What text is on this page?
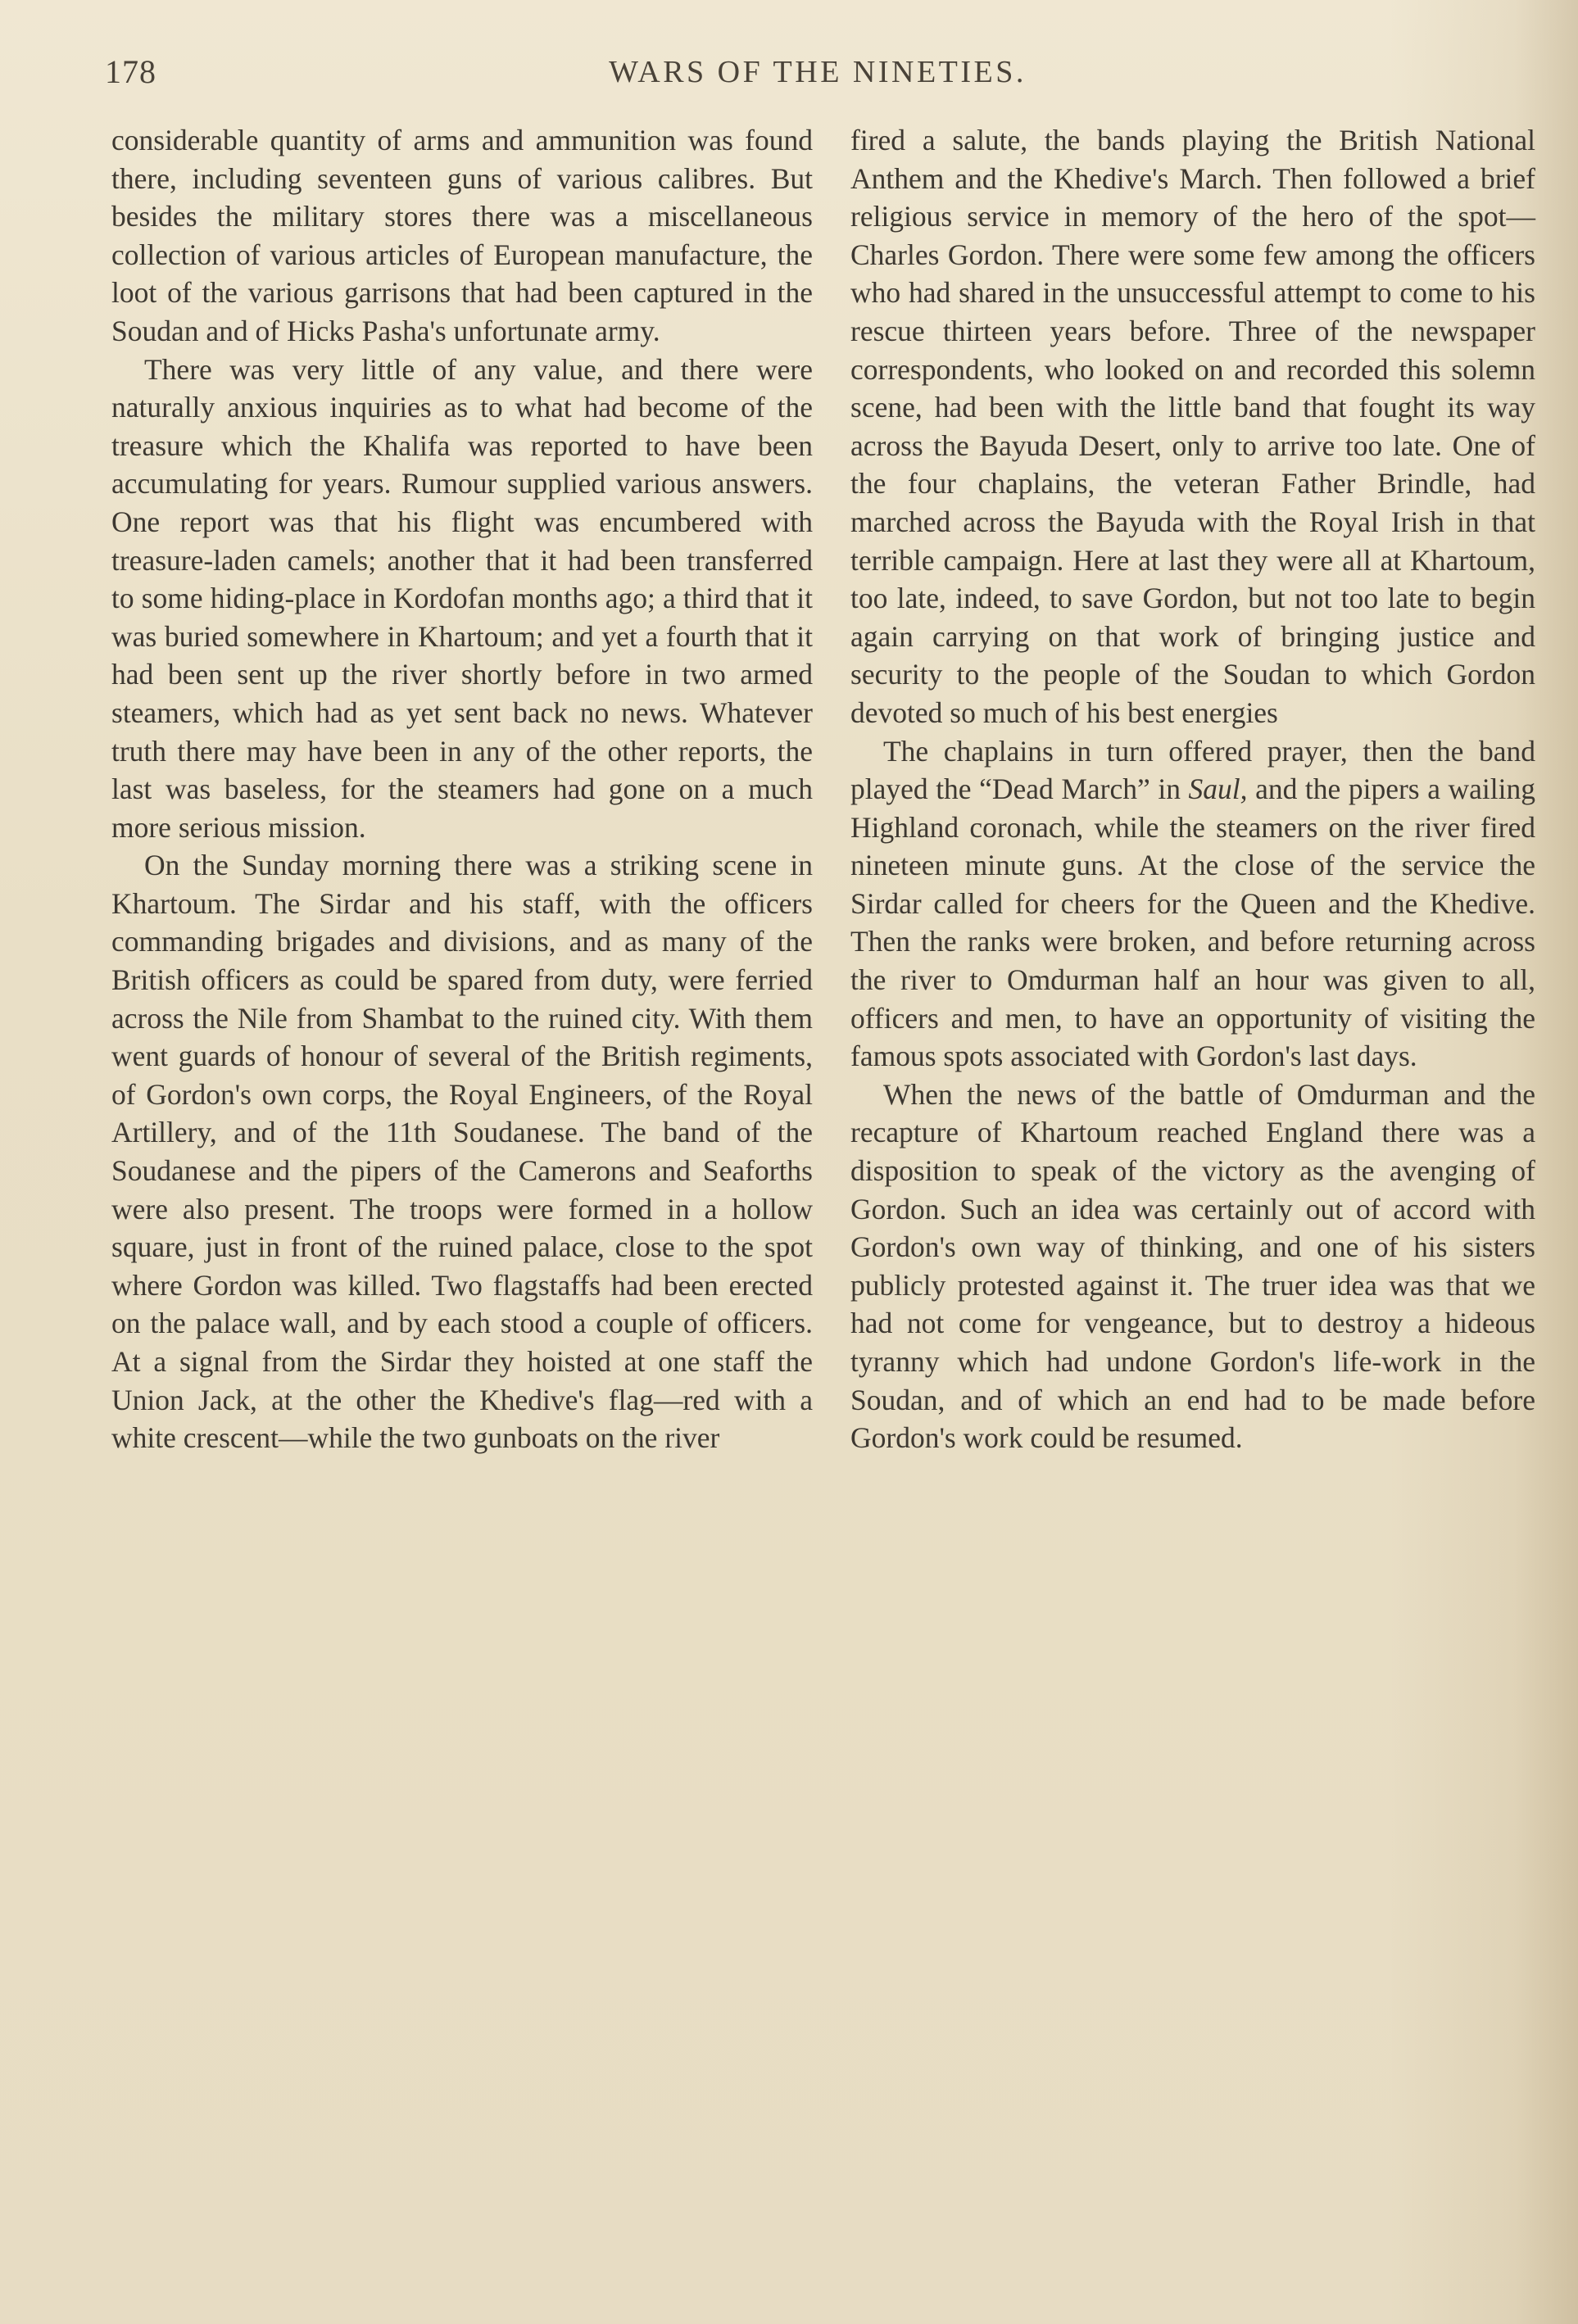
178	WARS OF THE NINETIES.

considerable quantity of arms and ammunition was found there, including seventeen guns of various calibres. But besides the military stores there was a miscellaneous collection of various articles of European manufacture, the loot of the various garrisons that had been captured in the Soudan and of Hicks Pasha's unfortunate army.

There was very little of any value, and there were naturally anxious inquiries as to what had become of the treasure which the Khalifa was reported to have been accumulating for years. Rumour supplied various answers. One report was that his flight was encumbered with treasure-laden camels; another that it had been transferred to some hiding-place in Kordofan months ago; a third that it was buried somewhere in Khartoum; and yet a fourth that it had been sent up the river shortly before in two armed steamers, which had as yet sent back no news. Whatever truth there may have been in any of the other reports, the last was baseless, for the steamers had gone on a much more serious mission.

On the Sunday morning there was a striking scene in Khartoum. The Sirdar and his staff, with the officers commanding brigades and divisions, and as many of the British officers as could be spared from duty, were ferried across the Nile from Shambat to the ruined city. With them went guards of honour of several of the British regiments, of Gordon's own corps, the Royal Engineers, of the Royal Artillery, and of the 11th Soudanese. The band of the Soudanese and the pipers of the Camerons and Seaforths were also present. The troops were formed in a hollow square, just in front of the ruined palace, close to the spot where Gordon was killed. Two flagstaffs had been erected on the palace wall, and by each stood a couple of officers. At a signal from the Sirdar they hoisted at one staff the Union Jack, at the other the Khedive's flag—red with a white crescent—while the two gunboats on the river

fired a salute, the bands playing the British National Anthem and the Khedive's March. Then followed a brief religious service in memory of the hero of the spot—Charles Gordon. There were some few among the officers who had shared in the unsuccessful attempt to come to his rescue thirteen years before. Three of the newspaper correspondents, who looked on and recorded this solemn scene, had been with the little band that fought its way across the Bayuda Desert, only to arrive too late. One of the four chaplains, the veteran Father Brindle, had marched across the Bayuda with the Royal Irish in that terrible campaign. Here at last they were all at Khartoum, too late, indeed, to save Gordon, but not too late to begin again carrying on that work of bringing justice and security to the people of the Soudan to which Gordon devoted so much of his best energies

The chaplains in turn offered prayer, then the band played the “Dead March” in Saul, and the pipers a wailing Highland coronach, while the steamers on the river fired nineteen minute guns. At the close of the service the Sirdar called for cheers for the Queen and the Khedive. Then the ranks were broken, and before returning across the river to Omdurman half an hour was given to all, officers and men, to have an opportunity of visiting the famous spots associated with Gordon's last days.

When the news of the battle of Omdurman and the recapture of Khartoum reached England there was a disposition to speak of the victory as the avenging of Gordon. Such an idea was certainly out of accord with Gordon's own way of thinking, and one of his sisters publicly protested against it. The truer idea was that we had not come for vengeance, but to destroy a hideous tyranny which had undone Gordon's life-work in the Soudan, and of which an end had to be made before Gordon's work could be resumed.
